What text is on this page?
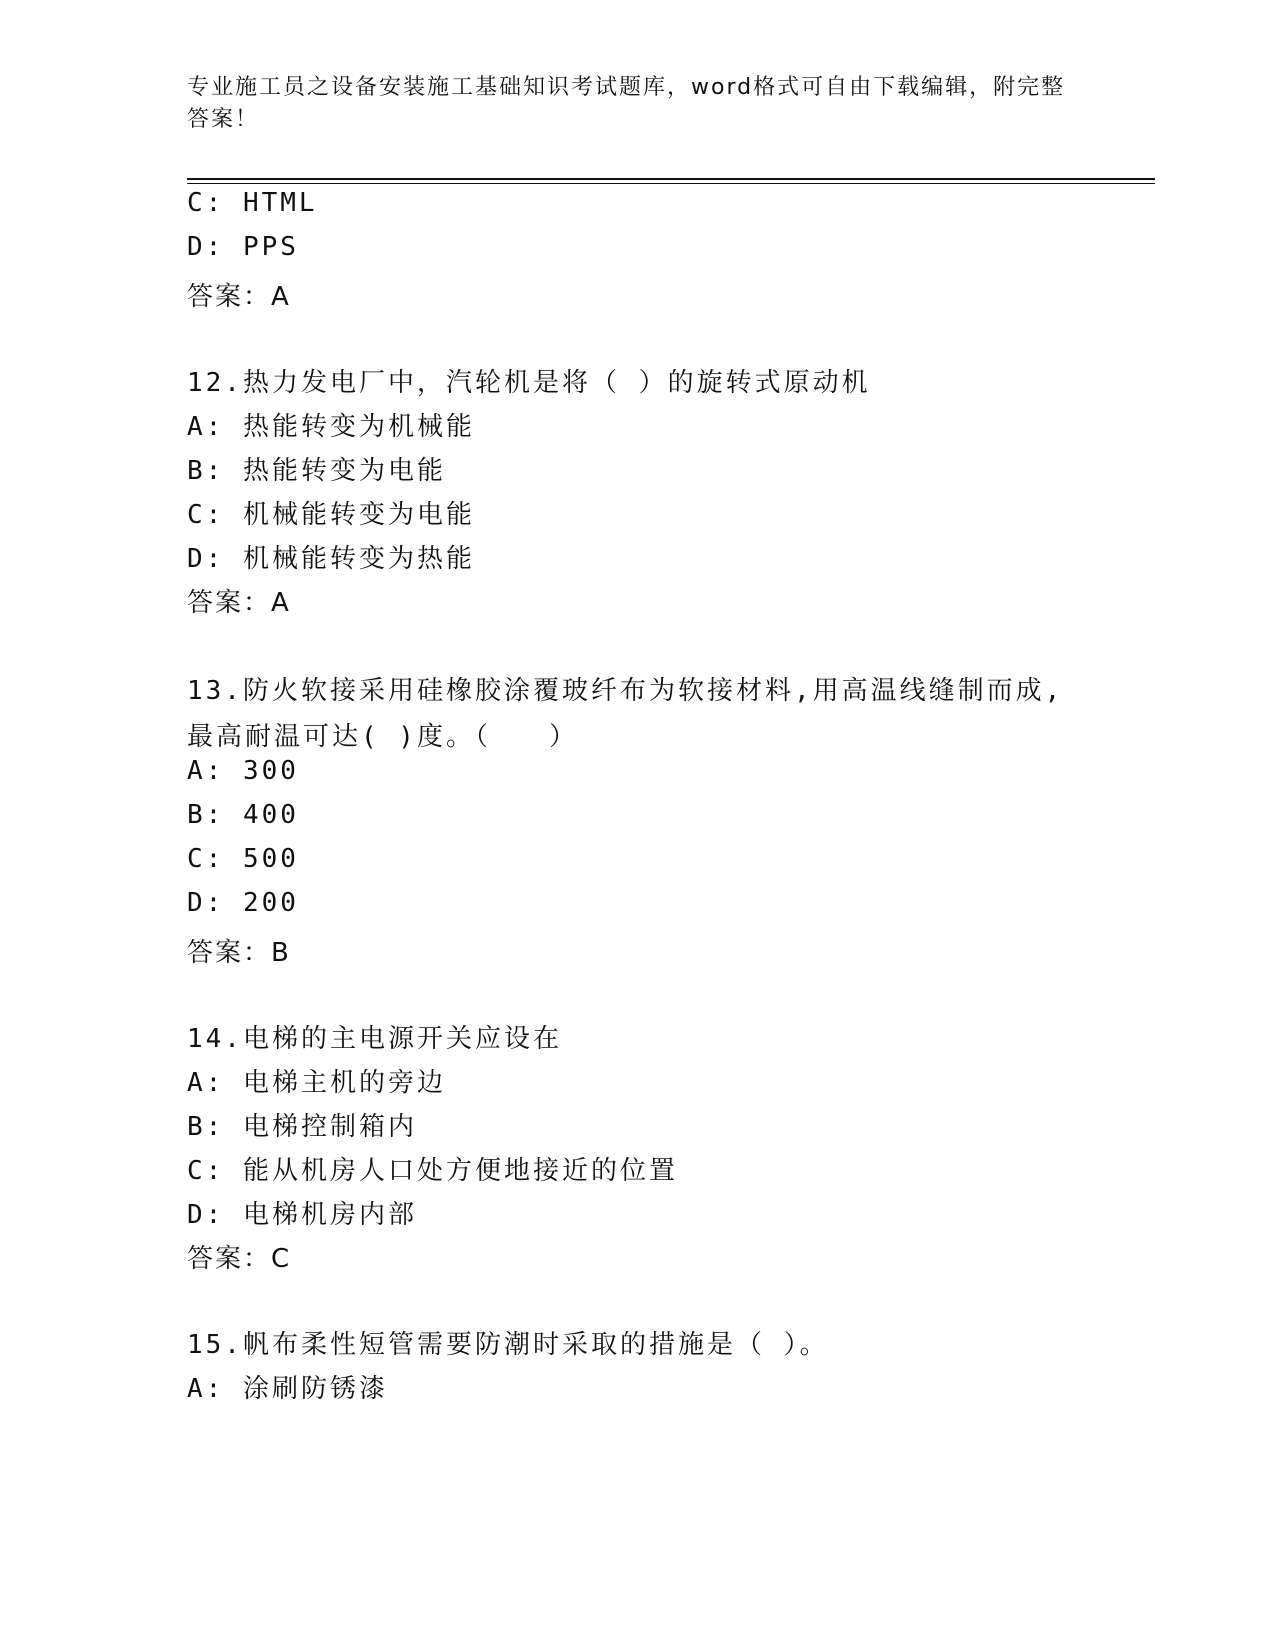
专业施工员之设备安装施工基础知识考试题库，word格式可自由下载编辑，附完整答案！
C: HTML
D: PPS
答案：A
12.热力发电厂中，汽轮机是将（ ）的旋转式原动机
A: 热能转变为机械能
B: 热能转变为电能
C: 机械能转变为电能
D: 机械能转变为热能
答案：A
13.防火软接采用硅橡胶涂覆玻纤布为软接材料,用高温线缝制而成,最高耐温可达( )度。（　　）
A: 300
B: 400
C: 500
D: 200
答案：B
14.电梯的主电源开关应设在
A: 电梯主机的旁边
B: 电梯控制箱内
C: 能从机房人口处方便地接近的位置
D: 电梯机房内部
答案：C
15.帆布柔性短管需要防潮时采取的措施是（ ）。
A: 涂刷防锈漆
